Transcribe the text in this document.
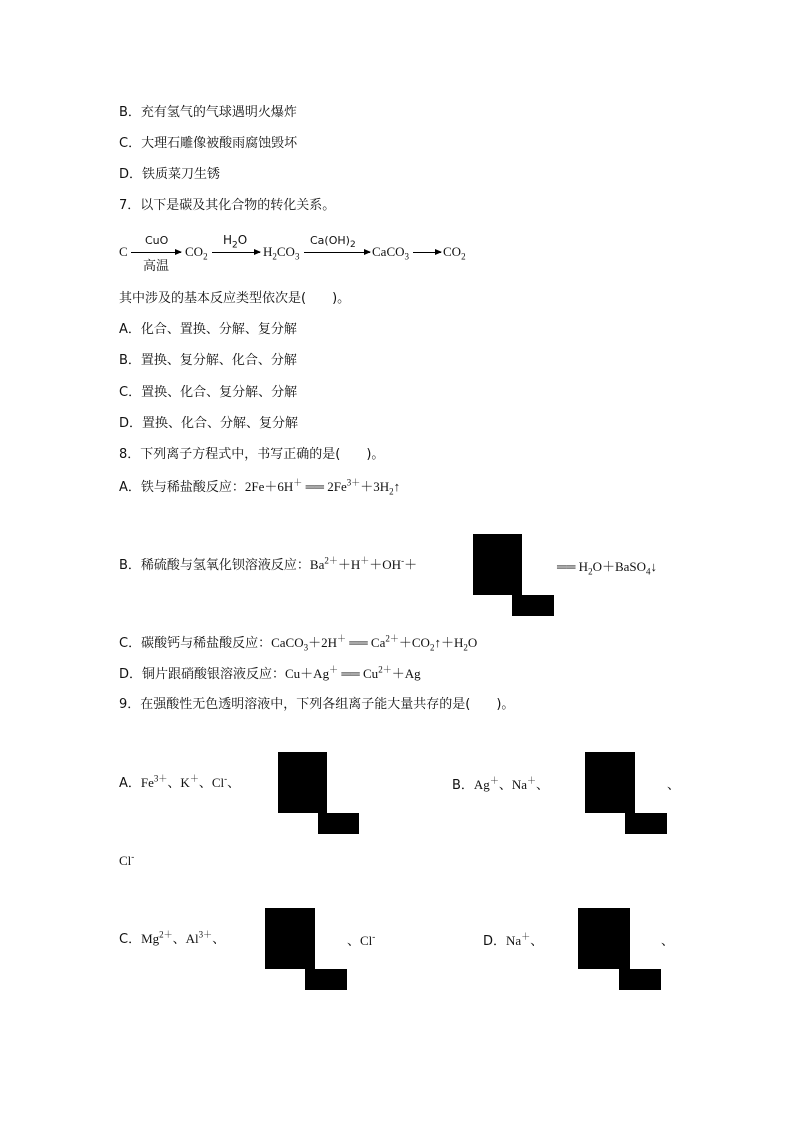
B．充有氢气的气球遇明火爆炸
C．大理石雕像被酸雨腐蚀毁坏
D．铁质菜刀生锈
7．以下是碳及其化合物的转化关系。
C
CuO
高温
$CO_2$
$H_2O$
$H_2CO_3$
$Ca(OH)_2$ CaCO$_3$	$CO_2$
其中涉及的基本反应类型依次是(　　)。
A．化合、置换、分解、复分解
B．置换、复分解、化合、分解
C．置换、化合、复分解、分解
D．置换、化合、分解、复分解
8．下列离子方程式中，书写正确的是(　　)。
A．铁与稀盐酸反应：2Fe＋6H＋ ══ $2Fe^{3+}+3H_2↑$
B．稀硫酸与氢氧化钡溶液反应：$Ba^{2+}+H^++OH^-+$	══ $H_2O+BaSO_4↓$
C．碳酸钙与稀盐酸反应：CaCO$_3$＋2H＋ ══ $Ca^{2+}+CO_2↑+H_2O$
D．铜片跟硝酸银溶液反应：Cu＋Ag＋ ══ $Cu^{2+}+Ag$
9．在强酸性无色透明溶液中，下列各组离子能大量共存的是(　　)。
A．$Fe^{3+}$、K＋、Cl-、	B．Ag＋、Na＋、	、
Cl-
C．$Mg^{2+}$、$Al^{3+}$、	、Cl-	D．Na＋、	、
